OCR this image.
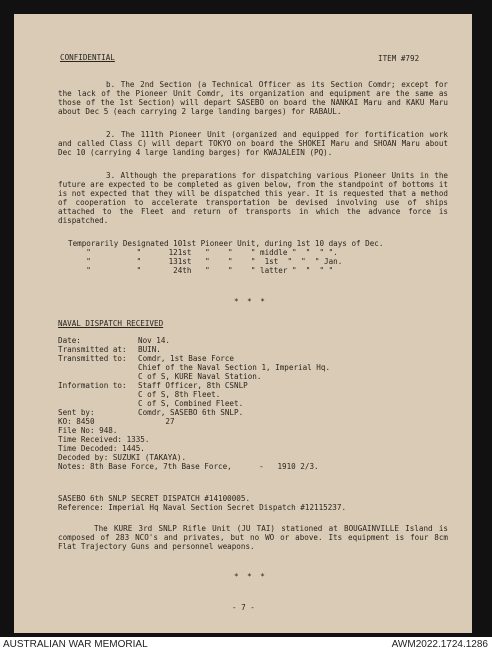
CONFIDENTIAL	ITEM #792
b. The 2nd Section (a Technical Officer as its Section Comdr; except for the lack of the Pioneer Unit Comdr, its organization and equipment are the same as those of the 1st Section) will depart SASEBO on board the NANKAI Maru and KAKU Maru about Dec 5 (each carrying 2 large landing barges) for RABAUL.
2. The 111th Pioneer Unit (organized and equipped for fortification work and called Class C) will depart TOKYO on board the SHOKEI Maru and SHOAN Maru about Dec 10 (carrying 4 large landing barges) for KWAJALEIN (PQ).
3. Although the preparations for dispatching various Pioneer Units in the future are expected to be completed as given below, from the standpoint of bottoms it is not expected that they will be dispatched this year. It is requested that a method of cooperation to accelerate transportation be devised involving use of ships attached to the Fleet and return of transports in which the advance force is dispatched.
Temporarily Designated 101st Pioneer Unit, during 1st 10 days of Dec.
"          "      121st   "    "    " middle "  "  " ".
"          "      131st   "    "    "  1st  "  "  " Jan.
"          "       24th   "    "    " latter "  "  " "
* * *
NAVAL DISPATCH RECEIVED
Date:	Nov 14.
Transmitted at: BUIN.
Transmitted to: Comdr, 1st Base Force
Chief of the Naval Section 1, Imperial Hq.
C of S, KURE Naval Station.
Information to: Staff Officer, 8th CSNLP
C of S, 8th Fleet.
C of S, Combined Fleet.
Sent by:	Comdr, SASEBO 6th SNLP.
KO: 8450	27
File No: 948.
Time Received: 1335.
Time Decoded: 1445.
Decoded by: SUZUKI (TAKAYA).
Notes: 8th Base Force, 7th Base Force,      -   1910 2/3.
SASEBO 6th SNLP SECRET DISPATCH #14100005.
Reference: Imperial Hq Naval Section Secret Dispatch #12115237.
The KURE 3rd SNLP Rifle Unit (JU TAI) stationed at BOUGAINVILLE Island is composed of 283 NCO's and privates, but no WO or above. Its equipment is four 8cm Flat Trajectory Guns and personnel weapons.
* * *
- 7 -
AUSTRALIAN WAR MEMORIAL	AWM2022.1724.1286
